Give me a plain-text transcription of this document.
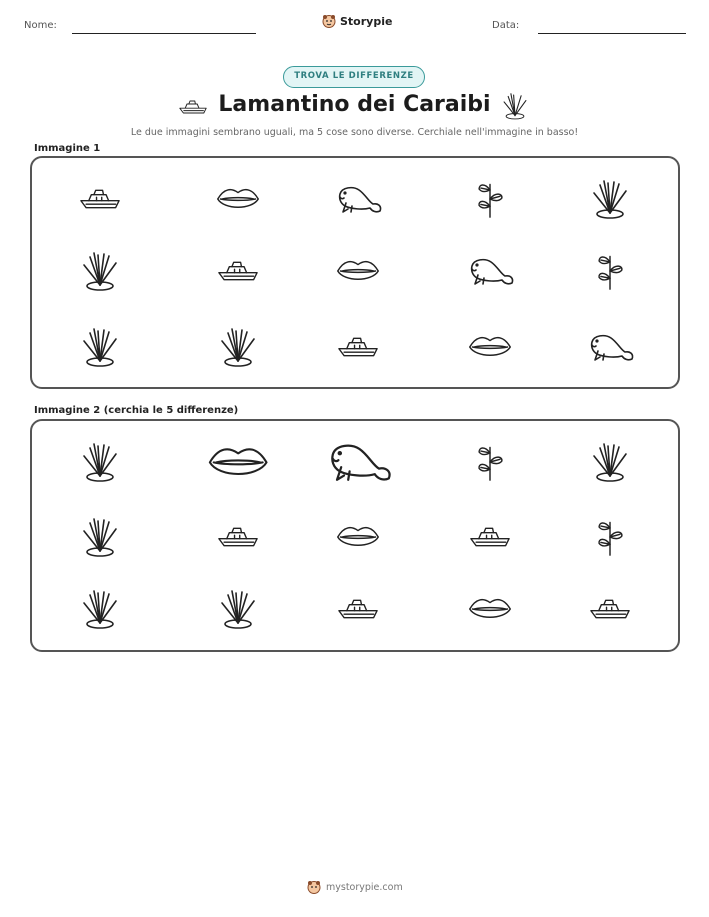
Nome:	Storypie	Data:
TROVA LE DIFFERENZE
Lamantino dei Caraibi
Le due immagini sembrano uguali, ma 5 cose sono diverse. Cerchiale nell'immagine in basso!
Immagine 1
Immagine 2 (cerchia le 5 differenze)
mystorypie.com
